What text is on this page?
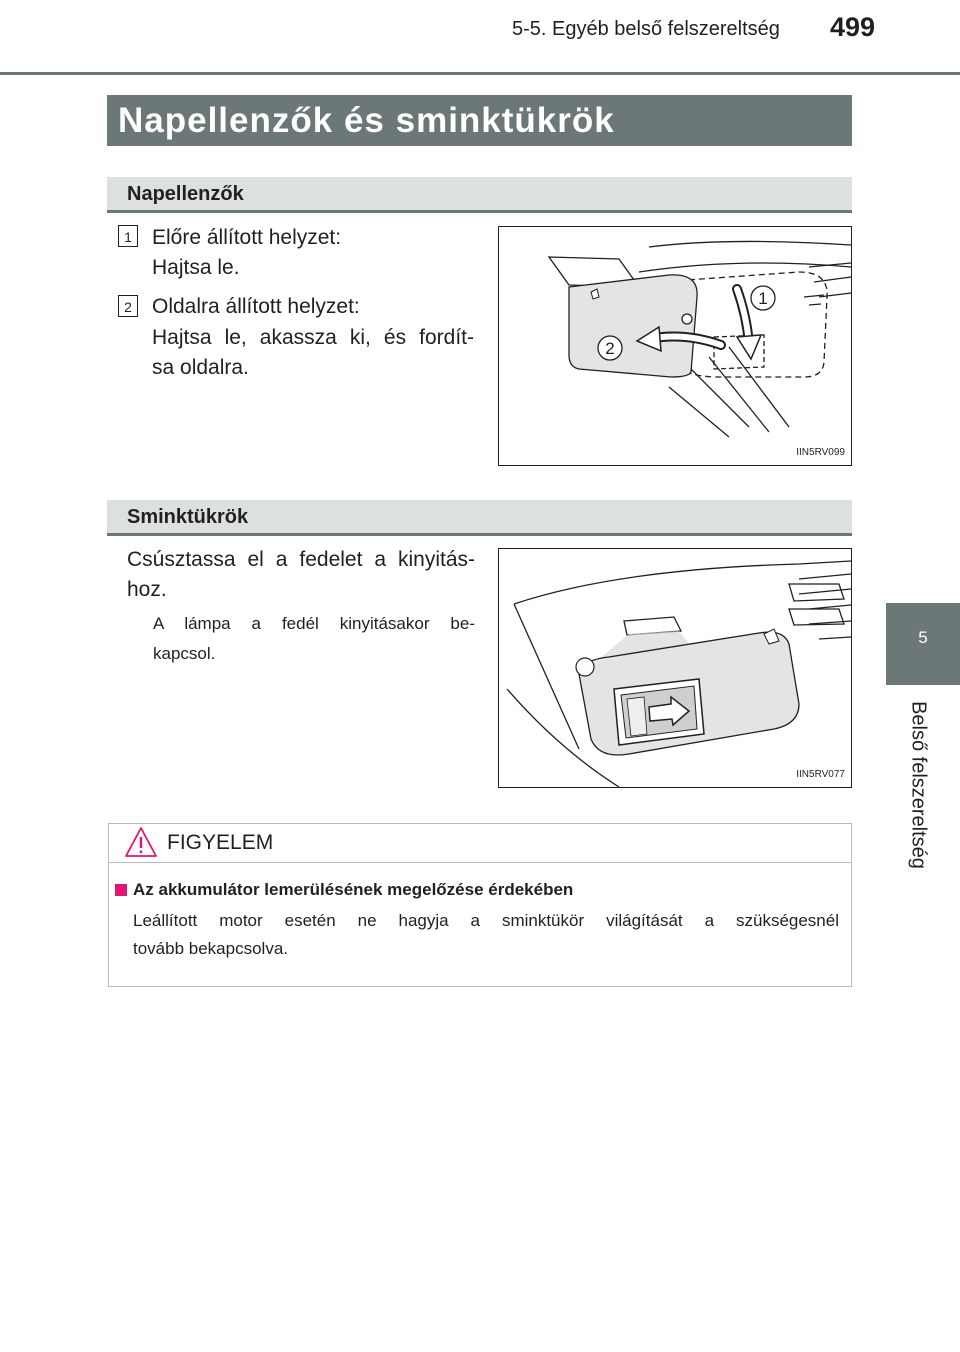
5-5. Egyéb belső felszereltség 499
5
Belső felszereltség
Napellenzők és sminktükrök
Napellenzők
1 Előre állított helyzet:
Hajtsa le.
2 Oldalra állított helyzet:
Hajtsa le, akassza ki, és fordít-
sa oldalra.
1
2
IIN5RV099
Sminktükrök
Csúsztassa el a fedelet a kinyitás-
hoz.
A lámpa a fedél kinyitásakor be-
kapcsol.
IIN5RV077
FIGYELEM
Az akkumulátor lemerülésének megelőzése érdekében
Leállított motor esetén ne hagyja a sminktükör világítását a szükségesnél
tovább bekapcsolva.
